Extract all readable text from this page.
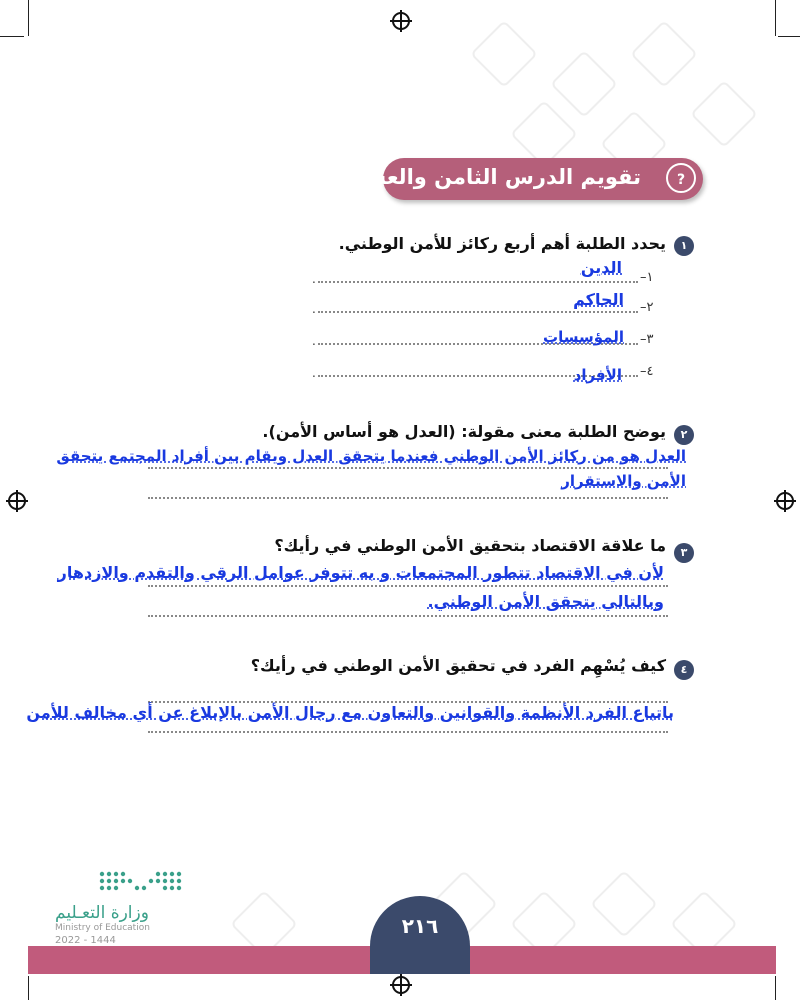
تقويم الدرس الثامن والعشرين	?
١
يحدد الطلبة أهم أربع ركائز للأمن الوطني.
١–
.
الدين
٢–
.	الحاكم
٣–
.	المؤسسات
٤–
.	الأفراد
٢
يوضح الطلبة معنى مقولة: (العدل هو أساس الأمن).
العدل هو من ركائز الأمن الوطني فعندما يتحقق العدل ويقام بين أفراد المجتمع يتحقق
الأمن والاستقرار
٣
ما علاقة الاقتصاد بتحقيق الأمن الوطني في رأيك؟
لأن في الاقتصاد تتطور المجتمعات و به تتوفر عوامل الرقي والتقدم والازدهار
وبالتالي يتحقق الأمن الوطني.
٤
كيف يُسْهِم الفرد في تحقيق الأمن الوطني في رأيك؟
باتباع الفرد الأنظمة والقوانين والتعاون مع رجال الأمن بالإبلاغ عن أي مخالف للأمن
وزارة التعـليم
Ministry of Education
2022 - 1444
٢١٦
